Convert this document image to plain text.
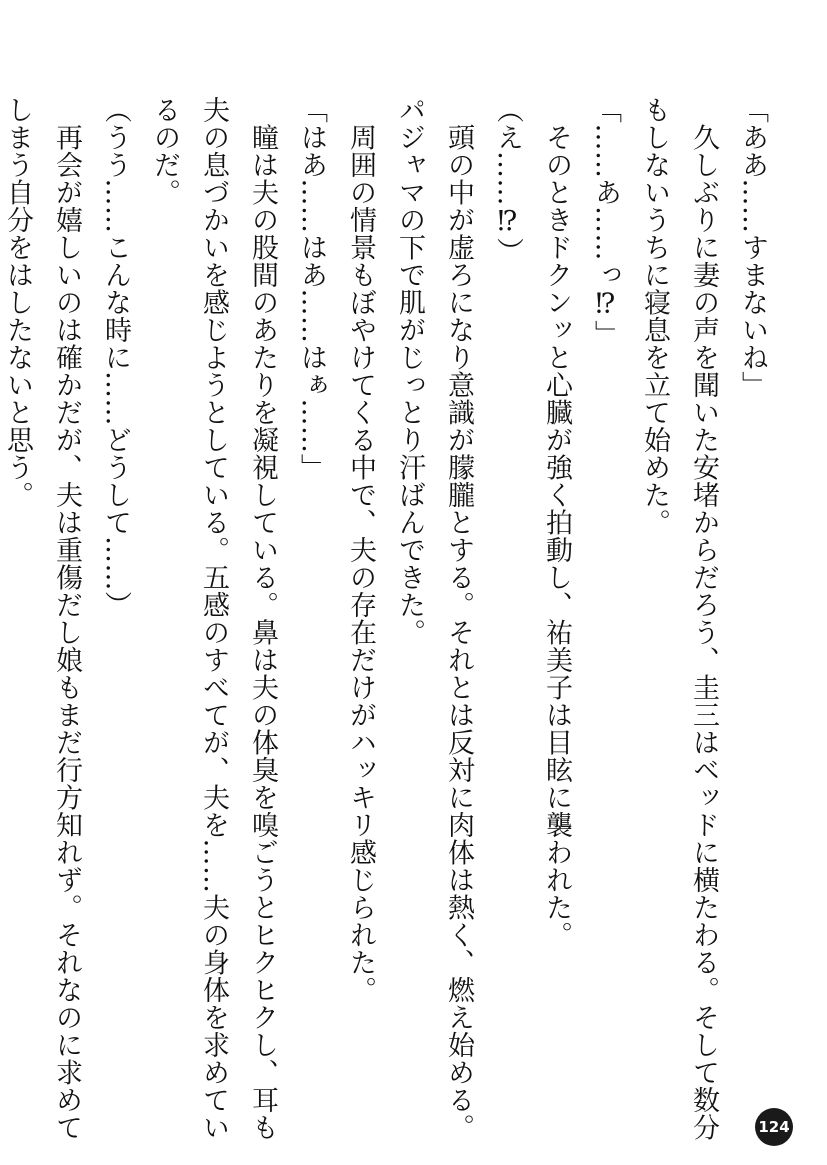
「ああ……すまないね」
　久しぶりに妻の声を聞いた安堵からだろう、圭三はベッドに横たわる。そして数分
もしないうちに寝息を立て始めた。
「……あ……っ⁉」
　そのときドクンッと心臓が強く拍動し、祐美子は目眩に襲われた。
（え……⁉）
　頭の中が虚ろになり意識が朦朧とする。それとは反対に肉体は熱く、燃え始める。
パジャマの下で肌がじっとり汗ばんできた。
　周囲の情景もぼやけてくる中で、夫の存在だけがハッキリ感じられた。
「はあ……はあ……はぁ……」
　瞳は夫の股間のあたりを凝視している。鼻は夫の体臭を嗅ごうとヒクヒクし、耳も
夫の息づかいを感じようとしている。五感のすべてが、夫を……夫の身体を求めてい
るのだ。
（うう……こんな時に……どうして……）
　再会が嬉しいのは確かだが、夫は重傷だし娘もまだ行方知れず。それなのに求めて
しまう自分をはしたないと思う。
124
